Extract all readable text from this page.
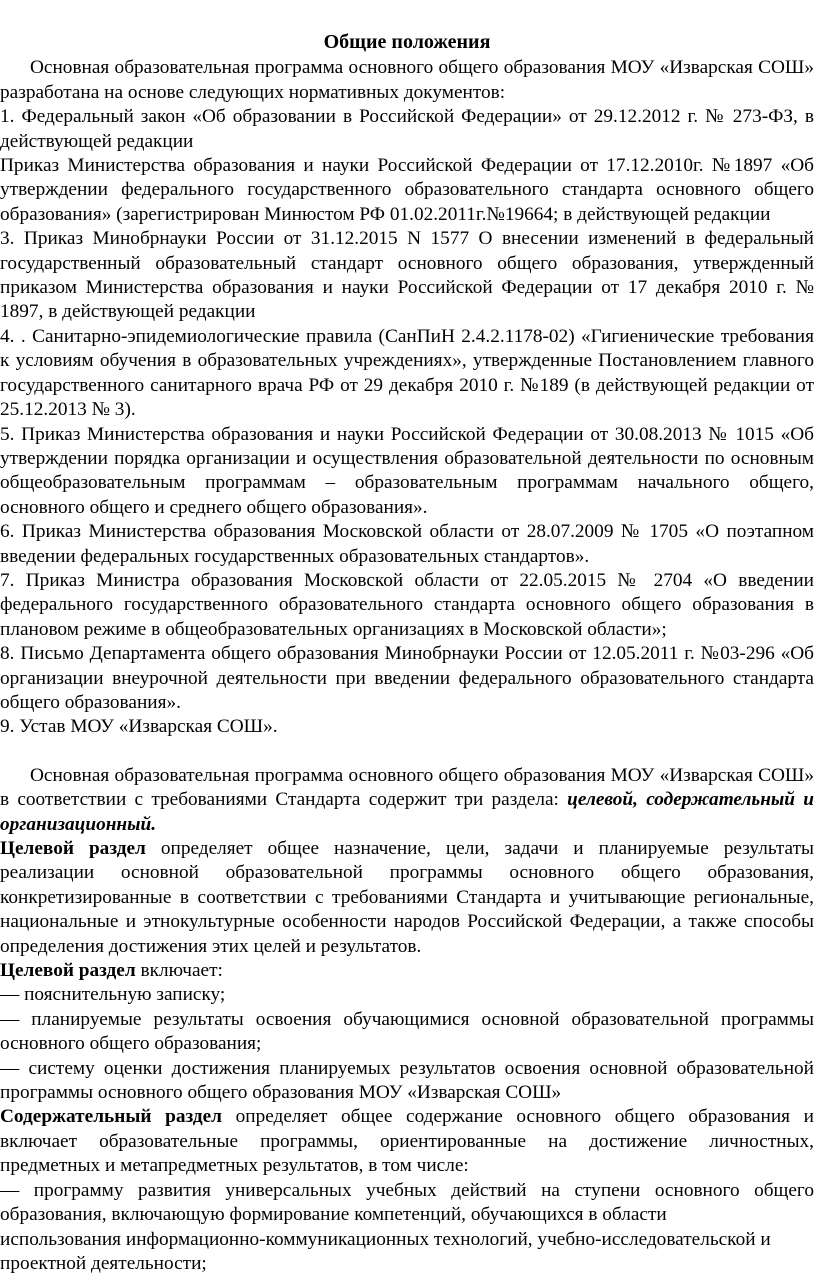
Общие положения

Основная образовательная программа основного общего образования МОУ «Изварская СОШ» разработана на основе следующих нормативных документов:

1. Федеральный закон «Об образовании в Российской Федерации» от 29.12.2012 г. № 273-ФЗ, в действующей редакции

Приказ Министерства образования и науки Российской Федерации от 17.12.2010г. №1897 «Об утверждении федерального государственного образовательного стандарта основного общего образования» (зарегистрирован Минюстом РФ 01.02.2011г.№19664; в действующей редакции

3. Приказ Минобрнауки России от 31.12.2015 N 1577 О внесении изменений в федеральный государственный образовательный стандарт основного общего образования, утвержденный приказом Министерства образования и науки Российской Федерации от 17 декабря 2010 г. № 1897, в действующей редакции

4. . Санитарно-эпидемиологические правила (СанПиН 2.4.2.1178-02) «Гигиенические требования к условиям обучения в образовательных учреждениях», утвержденные Постановлением главного государственного санитарного врача РФ от 29 декабря 2010 г. №189 (в действующей редакции от 25.12.2013 № 3).

5. Приказ Министерства образования и науки Российской Федерации от 30.08.2013 № 1015 «Об утверждении порядка организации и осуществления образовательной деятельности по основным общеобразовательным программам – образовательным программам начального общего, основного общего и среднего общего образования».

6. Приказ Министерства образования Московской области от 28.07.2009 № 1705 «О поэтапном введении федеральных государственных образовательных стандартов».

7. Приказ Министра образования Московской области от 22.05.2015 № 2704 «О введении федерального государственного образовательного стандарта основного общего образования в плановом режиме в общеобразовательных организациях в Московской области»;

8. Письмо Департамента общего образования Минобрнауки России от 12.05.2011 г. №03-296 «Об организации внеурочной деятельности при введении федерального образовательного стандарта общего образования».

9. Устав МОУ «Изварская СОШ».

Основная образовательная программа основного общего образования МОУ «Изварская СОШ» в соответствии с требованиями Стандарта содержит три раздела: целевой, содержательный и организационный.

Целевой раздел определяет общее назначение, цели, задачи и планируемые результаты реализации основной образовательной программы основного общего образования, конкретизированные в соответствии с требованиями Стандарта и учитывающие региональные, национальные и этнокультурные особенности народов Российской Федерации, а также способы определения достижения этих целей и результатов.

Целевой раздел включает:

— пояснительную записку;

— планируемые результаты освоения обучающимися основной образовательной программы основного общего образования;

— систему оценки достижения планируемых результатов освоения основной образовательной программы основного общего образования МОУ «Изварская СОШ»

Содержательный раздел определяет общее содержание основного общего образования и включает образовательные программы, ориентированные на достижение личностных, предметных и метапредметных результатов, в том числе:

— программу развития универсальных учебных действий на ступени основного общего образования, включающую формирование компетенций, обучающихся в области

использования информационно-коммуникационных технологий, учебно-исследовательской и проектной деятельности;
